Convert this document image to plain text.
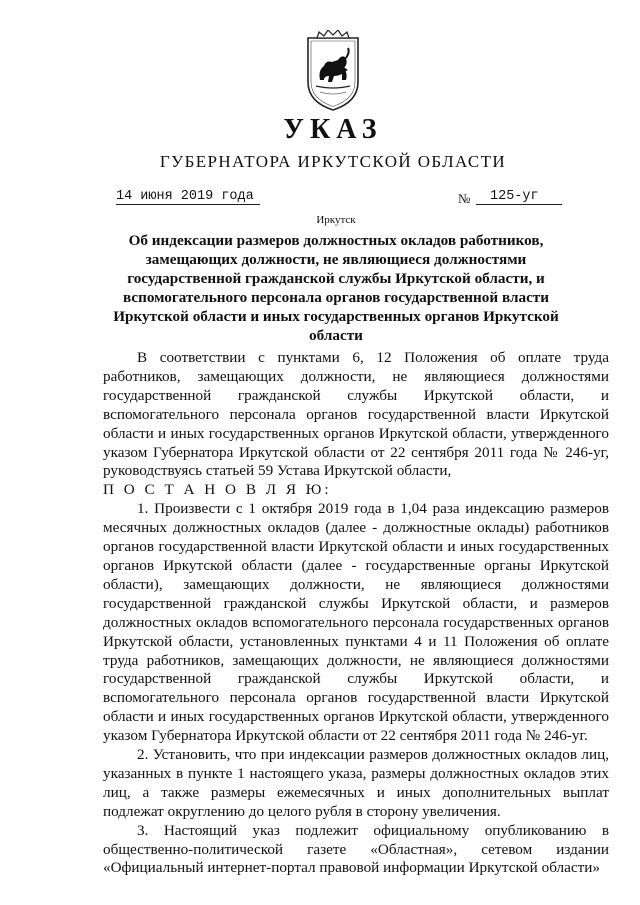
УКАЗ
ГУБЕРНАТОРА ИРКУТСКОЙ ОБЛАСТИ
14 июня 2019 года	№	125-уг
Иркутск
Об индексации размеров должностных окладов работников, замещающих должности, не являющиеся должностями государственной гражданской службы Иркутской области, и вспомогательного персонала органов государственной власти Иркутской области и иных государственных органов Иркутской области

В соответствии с пунктами 6, 12 Положения об оплате труда работников, замещающих должности, не являющиеся должностями государственной гражданской службы Иркутской области, и вспомогательного персонала органов государственной власти Иркутской области и иных государственных органов Иркутской области, утвержденного указом Губернатора Иркутской области от 22 сентября 2011 года № 246-уг, руководствуясь статьей 59 Устава Иркутской области,

П О С Т А Н О В Л Я Ю:

1. Произвести с 1 октября 2019 года в 1,04 раза индексацию размеров месячных должностных окладов (далее - должностные оклады) работников органов государственной власти Иркутской области и иных государственных органов Иркутской области (далее - государственные органы Иркутской области), замещающих должности, не являющиеся должностями государственной гражданской службы Иркутской области, и размеров должностных окладов вспомогательного персонала государственных органов Иркутской области, установленных пунктами 4 и 11 Положения об оплате труда работников, замещающих должности, не являющиеся должностями государственной гражданской службы Иркутской области, и вспомогательного персонала органов государственной власти Иркутской области и иных государственных органов Иркутской области, утвержденного указом Губернатора Иркутской области от 22 сентября 2011 года № 246-уг.

2. Установить, что при индексации размеров должностных окладов лиц, указанных в пункте 1 настоящего указа, размеры должностных окладов этих лиц, а также размеры ежемесячных и иных дополнительных выплат подлежат округлению до целого рубля в сторону увеличения.

3. Настоящий указ подлежит официальному опубликованию в общественно-политической газете «Областная», сетевом издании «Официальный интернет-портал правовой информации Иркутской области»
